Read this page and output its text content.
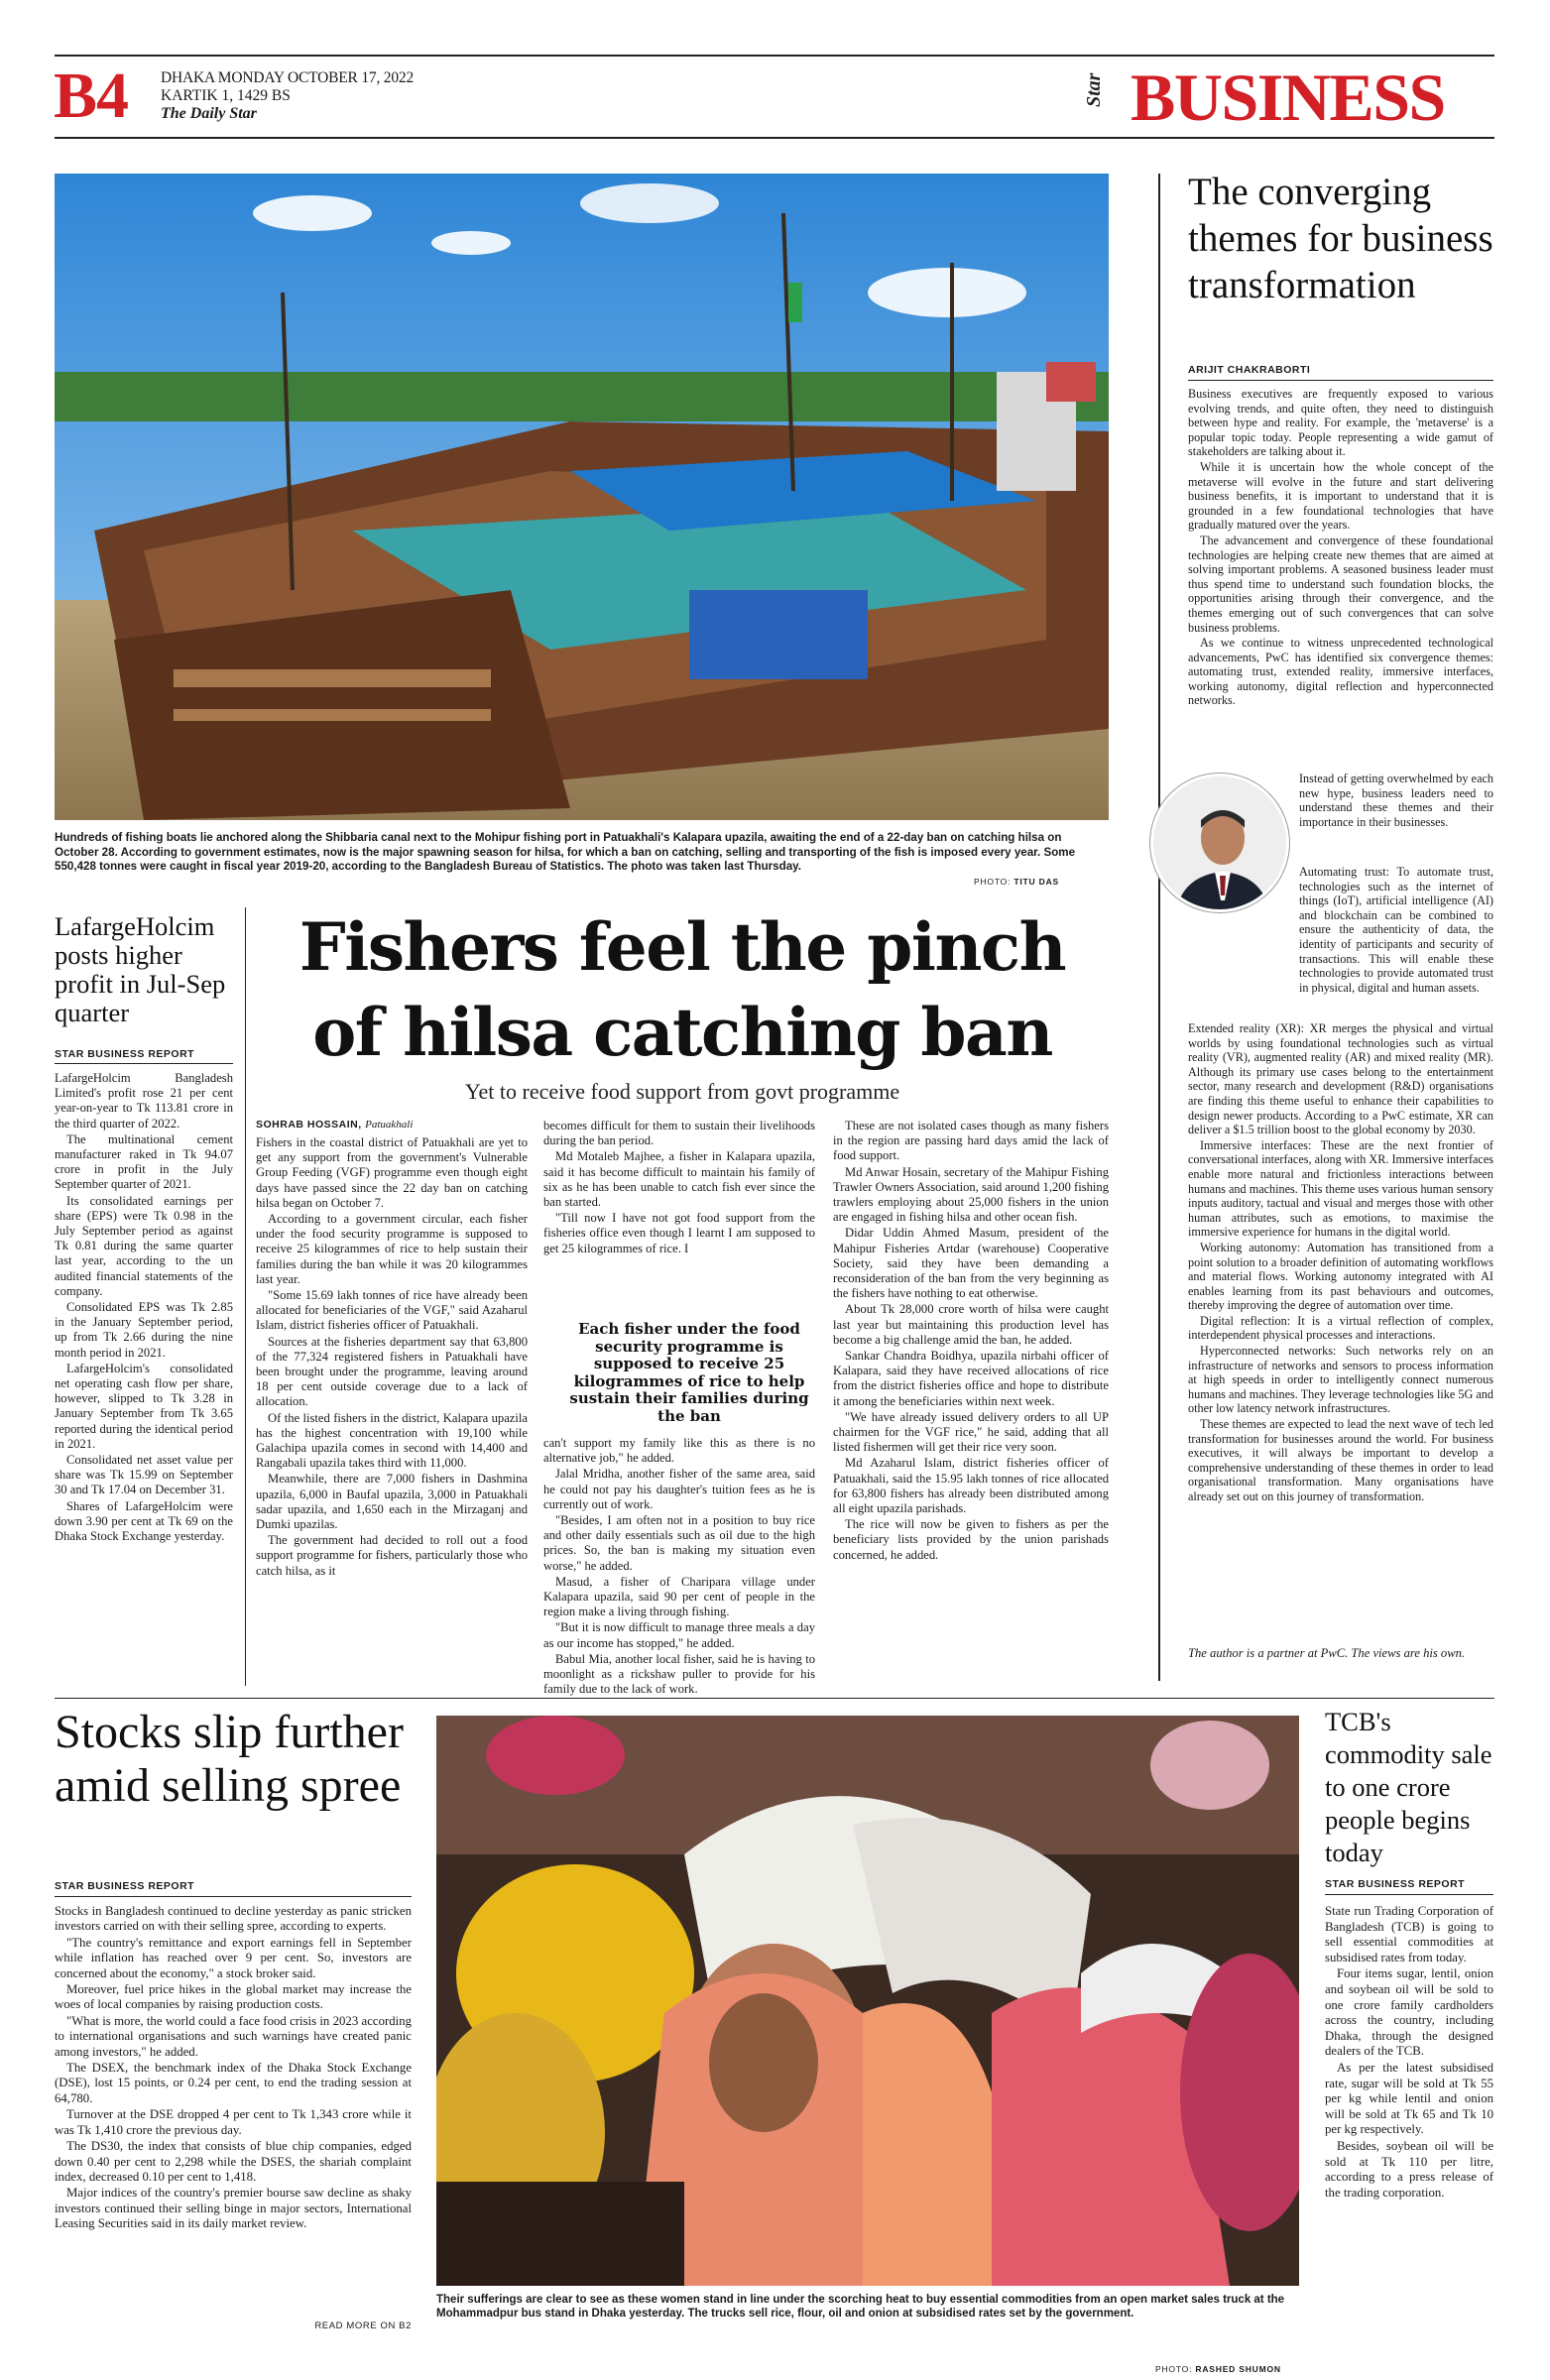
B4 DHAKA MONDAY OCTOBER 17, 2022
KARTIK 1, 1429 BS
The Daily Star
Star BUSINESS
Hundreds of fishing boats lie anchored along the Shibbaria canal next to the Mohipur fishing port in Patuakhali's Kalapara upazila, awaiting the end of a 22-day ban on catching hilsa on October 28. According to government estimates, now is the major spawning season for hilsa, for which a ban on catching, selling and transporting of the fish is imposed every year. Some 550,428 tonnes were caught in fiscal year 2019-20, according to the Bangladesh Bureau of Statistics. The photo was taken last Thursday.
PHOTO: TITU DAS
LafargeHolcim posts higher profit in Jul-Sep quarter
STAR BUSINESS REPORT

LafargeHolcim Bangladesh Limited's profit rose 21 per cent year-on-year to Tk 113.81 crore in the third quarter of 2022.

The multinational cement manufacturer raked in Tk 94.07 crore in profit in the July September quarter of 2021.

Its consolidated earnings per share (EPS) were Tk 0.98 in the July September period as against Tk 0.81 during the same quarter last year, according to the un audited financial statements of the company.

Consolidated EPS was Tk 2.85 in the January September period, up from Tk 2.66 during the nine month period in 2021.

LafargeHolcim's consolidated net operating cash flow per share, however, slipped to Tk 3.28 in January September from Tk 3.65 reported during the identical period in 2021.

Consolidated net asset value per share was Tk 15.99 on September 30 and Tk 17.04 on December 31.

Shares of LafargeHolcim were down 3.90 per cent at Tk 69 on the Dhaka Stock Exchange yesterday.

Fishers feel the pinch
of hilsa catching ban
Yet to receive food support from govt programme
SOHRAB HOSSAIN, Patuakhali

Fishers in the coastal district of Patuakhali are yet to get any support from the government's Vulnerable Group Feeding (VGF) programme even though eight days have passed since the 22 day ban on catching hilsa began on October 7.

According to a government circular, each fisher under the food security programme is supposed to receive 25 kilogrammes of rice to help sustain their families during the ban while it was 20 kilogrammes last year.

"Some 15.69 lakh tonnes of rice have already been allocated for beneficiaries of the VGF," said Azaharul Islam, district fisheries officer of Patuakhali.

Sources at the fisheries department say that 63,800 of the 77,324 registered fishers in Patuakhali have been brought under the programme, leaving around 18 per cent outside coverage due to a lack of allocation.

Of the listed fishers in the district, Kalapara upazila has the highest concentration with 19,100 while Galachipa upazila comes in second with 14,400 and Rangabali upazila takes third with 11,000.

Meanwhile, there are 7,000 fishers in Dashmina upazila, 6,000 in Baufal upazila, 3,000 in Patuakhali sadar upazila, and 1,650 each in the Mirzaganj and Dumki upazilas.

The government had decided to roll out a food support programme for fishers, particularly those who catch hilsa, as it

becomes difficult for them to sustain their livelihoods during the ban period.

Md Motaleb Majhee, a fisher in Kalapara upazila, said it has become difficult to maintain his family of six as he has been unable to catch fish ever since the ban started.

"Till now I have not got food support from the fisheries office even though I learnt I am supposed to get 25 kilogrammes of rice. I

Each fisher under the food security programme is supposed to receive 25 kilogrammes of rice to help sustain their families during the ban

can't support my family like this as there is no alternative job," he added.

Jalal Mridha, another fisher of the same area, said he could not pay his daughter's tuition fees as he is currently out of work.

"Besides, I am often not in a position to buy rice and other daily essentials such as oil due to the high prices. So, the ban is making my situation even worse," he added.

Masud, a fisher of Charipara village under Kalapara upazila, said 90 per cent of people in the region make a living through fishing.

"But it is now difficult to manage three meals a day as our income has stopped," he added.

Babul Mia, another local fisher, said he is having to moonlight as a rickshaw puller to provide for his family due to the lack of work.

These are not isolated cases though as many fishers in the region are passing hard days amid the lack of food support.

Md Anwar Hosain, secretary of the Mahipur Fishing Trawler Owners Association, said around 1,200 fishing trawlers employing about 25,000 fishers in the union are engaged in fishing hilsa and other ocean fish.

Didar Uddin Ahmed Masum, president of the Mahipur Fisheries Artdar (warehouse) Cooperative Society, said they have been demanding a reconsideration of the ban from the very beginning as the fishers have nothing to eat otherwise.

About Tk 28,000 crore worth of hilsa were caught last year but maintaining this production level has become a big challenge amid the ban, he added.

Sankar Chandra Boidhya, upazila nirbahi officer of Kalapara, said they have received allocations of rice from the district fisheries office and hope to distribute it among the beneficiaries within next week.

"We have already issued delivery orders to all UP chairmen for the VGF rice," he said, adding that all listed fishermen will get their rice very soon.

Md Azaharul Islam, district fisheries officer of Patuakhali, said the 15.95 lakh tonnes of rice allocated for 63,800 fishers has already been distributed among all eight upazila parishads.

The rice will now be given to fishers as per the beneficiary lists provided by the union parishads concerned, he added.

The converging themes for business transformation
ARIJIT CHAKRABORTI

Business executives are frequently exposed to various evolving trends, and quite often, they need to distinguish between hype and reality. For example, the 'metaverse' is a popular topic today. People representing a wide gamut of stakeholders are talking about it.

While it is uncertain how the whole concept of the metaverse will evolve in the future and start delivering business benefits, it is important to understand that it is grounded in a few foundational technologies that have gradually matured over the years.

The advancement and convergence of these foundational technologies are helping create new themes that are aimed at solving important problems. A seasoned business leader must thus spend time to understand such foundation blocks, the opportunities arising through their convergence, and the themes emerging out of such convergences that can solve business problems.

As we continue to witness unprecedented technological advancements, PwC has identified six convergence themes: automating trust, extended reality, immersive interfaces, working autonomy, digital reflection and hyperconnected networks.

Instead of getting overwhelmed by each new hype, business leaders need to understand these themes and their importance in their businesses.

Automating trust: To automate trust, technologies such as the internet of things (IoT), artificial intelligence (AI) and blockchain can be combined to ensure the authenticity of data, the identity of participants and security of transactions. This will enable these technologies to provide automated trust in physical, digital and human assets.

Extended reality (XR): XR merges the physical and virtual worlds by using foundational technologies such as virtual reality (VR), augmented reality (AR) and mixed reality (MR). Although its primary use cases belong to the entertainment sector, many research and development (R&D) organisations are finding this theme useful to enhance their capabilities to design newer products. According to a PwC estimate, XR can deliver a $1.5 trillion boost to the global economy by 2030.

Immersive interfaces: These are the next frontier of conversational interfaces, along with XR. Immersive interfaces enable more natural and frictionless interactions between humans and machines. This theme uses various human sensory inputs auditory, tactual and visual and merges those with other human attributes, such as emotions, to maximise the immersive experience for humans in the digital world.

Working autonomy: Automation has transitioned from a point solution to a broader definition of automating workflows and material flows. Working autonomy integrated with AI enables learning from its past behaviours and outcomes, thereby improving the degree of automation over time.

Digital reflection: It is a virtual reflection of complex, interdependent physical processes and interactions.

Hyperconnected networks: Such networks rely on an infrastructure of networks and sensors to process information at high speeds in order to intelligently connect numerous humans and machines. They leverage technologies like 5G and other low latency network infrastructures.

These themes are expected to lead the next wave of tech led transformation for businesses around the world. For business executives, it will always be important to develop a comprehensive understanding of these themes in order to lead organisational transformation. Many organisations have already set out on this journey of transformation.

The author is a partner at PwC. The views are his own.
Stocks slip further amid selling spree
STAR BUSINESS REPORT

Stocks in Bangladesh continued to decline yesterday as panic stricken investors carried on with their selling spree, according to experts.

"The country's remittance and export earnings fell in September while inflation has reached over 9 per cent. So, investors are concerned about the economy," a stock broker said.

Moreover, fuel price hikes in the global market may increase the woes of local companies by raising production costs.

"What is more, the world could a face food crisis in 2023 according to international organisations and such warnings have created panic among investors," he added.

The DSEX, the benchmark index of the Dhaka Stock Exchange (DSE), lost 15 points, or 0.24 per cent, to end the trading session at 64,780.

Turnover at the DSE dropped 4 per cent to Tk 1,343 crore while it was Tk 1,410 crore the previous day.

The DS30, the index that consists of blue chip companies, edged down 0.40 per cent to 2,298 while the DSES, the shariah complaint index, decreased 0.10 per cent to 1,418.

Major indices of the country's premier bourse saw decline as shaky investors continued their selling binge in major sectors, International Leasing Securities said in its daily market review.

READ MORE ON B2
Their sufferings are clear to see as these women stand in line under the scorching heat to buy essential commodities from an open market sales truck at the Mohammadpur bus stand in Dhaka yesterday. The trucks sell rice, flour, oil and onion at subsidised rates set by the government.
PHOTO: RASHED SHUMON
TCB's commodity sale to one crore people begins today
STAR BUSINESS REPORT

State run Trading Corporation of Bangladesh (TCB) is going to sell essential commodities at subsidised rates from today.

Four items sugar, lentil, onion and soybean oil will be sold to one crore family cardholders across the country, including Dhaka, through the designed dealers of the TCB.

As per the latest subsidised rate, sugar will be sold at Tk 55 per kg while lentil and onion will be sold at Tk 65 and Tk 10 per kg respectively.

Besides, soybean oil will be sold at Tk 110 per litre, according to a press release of the trading corporation.
